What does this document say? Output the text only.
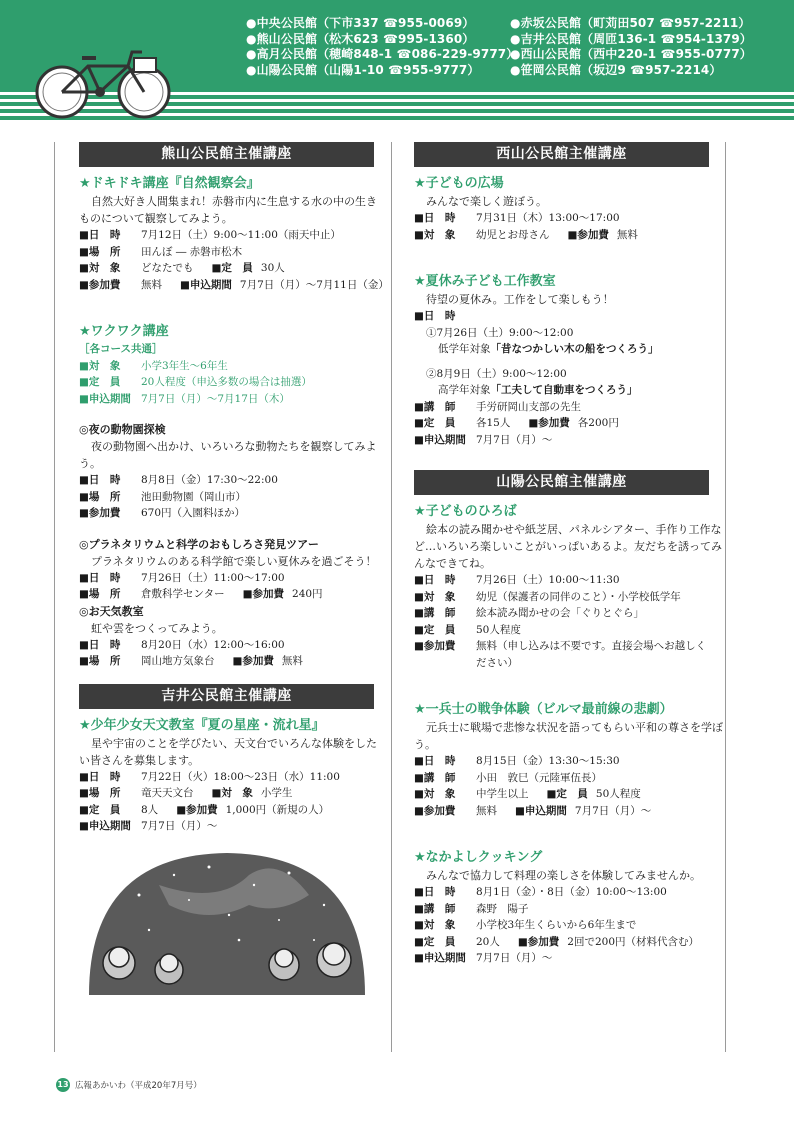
●中央公民館（下市337 ☎955-0069）
●熊山公民館（松木623 ☎995-1360）
●高月公民館（穂崎848-1 ☎086-229-9777）
●山陽公民館（山陽1-10 ☎955-9777）
●赤坂公民館（町苅田507 ☎957-2211）
●吉井公民館（周匝136-1 ☎954-1379）
●西山公民館（西中220-1 ☎955-0777）
●笹岡公民館（坂辺9 ☎957-2214）
熊山公民館主催講座
★ドキドキ講座『自然観察会』
自然大好き人間集まれ！赤磐市内に生息する水の中の生きものについて観察してみよう。
■日　時 7月12日（土）9:00～11:00（雨天中止）
■場　所 田んぼ ― 赤磐市松木
■対　象 どなたでも ■定　員 30人
■参加費 無料 ■申込期間 7月7日（月）～7月11日（金）
★ワクワク講座
［各コース共通］
■対　象 小学3年生～6年生
■定　員 20人程度（申込多数の場合は抽選）
■申込期間 7月7日（月）～7月17日（木）
◎夜の動物園探検
夜の動物園へ出かけ、いろいろな動物たちを観察してみよう。
■日　時 8月8日（金）17:30～22:00
■場　所 池田動物園（岡山市）
■参加費 670円（入園料ほか）
◎プラネタリウムと科学のおもしろさ発見ツアー
プラネタリウムのある科学館で楽しい夏休みを過ごそう！
■日　時 7月26日（土）11:00～17:00
■場　所 倉敷科学センター ■参加費 240円
◎お天気教室
虹や雲をつくってみよう。
■日　時 8月20日（水）12:00～16:00
■場　所 岡山地方気象台 ■参加費 無料
吉井公民館主催講座
★少年少女天文教室『夏の星座・流れ星』
星や宇宙のことを学びたい、天文台でいろんな体験をしたい皆さんを募集します。
■日　時 7月22日（火）18:00～23日（水）11:00
■場　所 竜天天文台 ■対　象 小学生
■定　員 8人 ■参加費 1,000円（新規の人）
■申込期間 7月7日（月）～
西山公民館主催講座
★子どもの広場
みんなで楽しく遊ぼう。
■日　時 7月31日（木）13:00～17:00
■対　象 幼児とお母さん ■参加費 無料
★夏休み子ども工作教室
待望の夏休み。工作をして楽しもう！
■日　時
①7月26日（土）9:00～12:00
低学年対象「昔なつかしい木の船をつくろう」
②8月9日（土）9:00～12:00
高学年対象「工夫して自動車をつくろう」
■講　師 手労研岡山支部の先生
■定　員 各15人 ■参加費 各200円
■申込期間 7月7日（月）～
山陽公民館主催講座
★子どものひろば
絵本の読み聞かせや紙芝居、パネルシアター、手作り工作など…いろいろ楽しいことがいっぱいあるよ。友だちを誘ってみんなできてね。
■日　時 7月26日（土）10:00～11:30
■対　象 幼児（保護者の同伴のこと）・小学校低学年
■講　師 絵本読み聞かせの会「ぐりとぐら」
■定　員 50人程度
■参加費	無料（申し込みは不要です。直接会場へお越しください）
★一兵士の戦争体験（ビルマ最前線の悲劇）
元兵士に戦場で悲惨な状況を語ってもらい平和の尊さを学ぼう。
■日　時 8月15日（金）13:30～15:30
■講　師 小田　敦巳（元陸軍伍長）
■対　象 中学生以上 ■定　員 50人程度
■参加費 無料 ■申込期間 7月7日（月）～
★なかよしクッキング
みんなで協力して料理の楽しさを体験してみませんか。
■日　時 8月1日（金）・8日（金）10:00～13:00
■講　師 森野　陽子
■対　象 小学校3年生くらいから6年生まで
■定　員 20人 ■参加費 2回で200円（材料代含む）
■申込期間 7月7日（月）～
13 広報あかいわ（平成20年7月号）
